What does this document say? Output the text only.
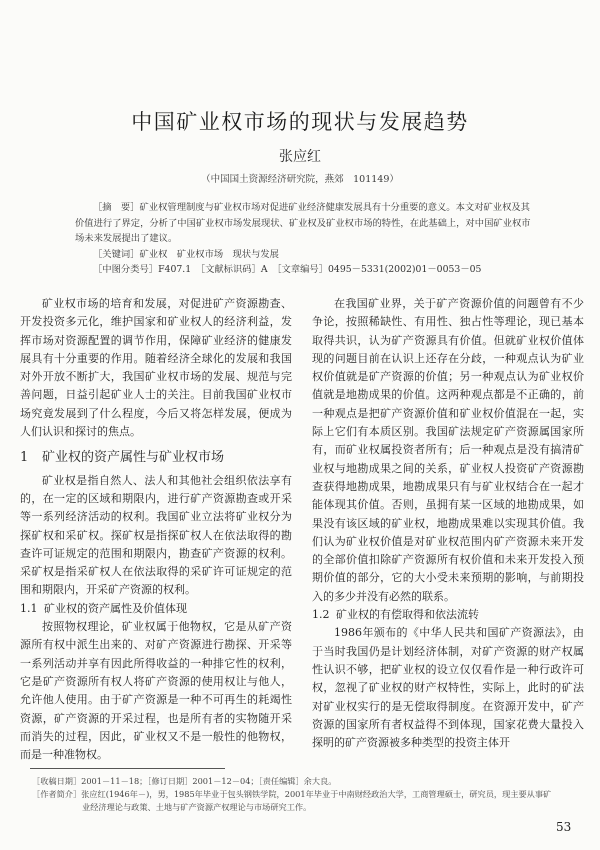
中国矿业权市场的现状与发展趋势
张应红
（中国国土资源经济研究院，燕郊　101149）

［摘　要］矿业权管理制度与矿业权市场对促进矿业经济健康发展具有十分重要的意义。本文对矿业权及其价值进行了界定，分析了中国矿业权市场发展现状、矿业权及矿业权市场的特性，在此基础上，对中国矿业权市场未来发展提出了建议。

［关键词］矿业权　矿业权市场　现状与发展

［中图分类号］F407.1　［文献标识码］A　［文章编号］0495－5331(2002)01－0053－05

矿业权市场的培育和发展，对促进矿产资源勘查、开发投资多元化，维护国家和矿业权人的经济利益，发挥市场对资源配置的调节作用，保障矿业经济的健康发展具有十分重要的作用。随着经济全球化的发展和我国对外开放不断扩大，我国矿业权市场的发展、规范与完善问题，日益引起矿业人士的关注。目前我国矿业权市场究竟发展到了什么程度，今后又将怎样发展，便成为人们认识和探讨的焦点。

1 矿业权的资产属性与矿业权市场

矿业权是指自然人、法人和其他社会组织依法享有的，在一定的区域和期限内，进行矿产资源勘查或开采等一系列经济活动的权利。我国矿业立法将矿业权分为探矿权和采矿权。探矿权是指探矿权人在依法取得的勘查许可证规定的范围和期限内，勘查矿产资源的权利。采矿权是指采矿权人在依法取得的采矿许可证规定的范围和期限内，开采矿产资源的权利。

1.1 矿业权的资产属性及价值体现

按照物权理论，矿业权属于他物权，它是从矿产资源所有权中派生出来的、对矿产资源进行勘探、开采等一系列活动并享有因此所得收益的一种排它性的权利，它是矿产资源所有权人将矿产资源的使用权让与他人，允许他人使用。由于矿产资源是一种不可再生的耗竭性资源，矿产资源的开采过程，也是所有者的实物随开采而消失的过程，因此，矿业权又不是一般性的他物权，而是一种准物权。

在我国矿业界，关于矿产资源价值的问题曾有不少争论，按照稀缺性、有用性、独占性等理论，现已基本取得共识，认为矿产资源具有价值。但就矿业权价值体现的问题目前在认识上还存在分歧，一种观点认为矿业权价值就是矿产资源的价值；另一种观点认为矿业权价值就是地勘成果的价值。这两种观点都是不正确的，前一种观点是把矿产资源价值和矿业权价值混在一起，实际上它们有本质区别。我国矿法规定矿产资源属国家所有，而矿业权属投资者所有；后一种观点是没有搞清矿业权与地勘成果之间的关系，矿业权人投资矿产资源勘查获得地勘成果，地勘成果只有与矿业权结合在一起才能体现其价值。否则，虽拥有某一区域的地勘成果，如果没有该区域的矿业权，地勘成果难以实现其价值。我们认为矿业权价值是对矿业权范围内矿产资源未来开发的全部价值扣除矿产资源所有权价值和未来开发投入预期价值的部分，它的大小受未来预期的影响，与前期投入的多少并没有必然的联系。

1.2 矿业权的有偿取得和依法流转

1986年颁布的《中华人民共和国矿产资源法》，由于当时我国仍是计划经济体制，对矿产资源的财产权属性认识不够，把矿业权的设立仅仅看作是一种行政许可权，忽视了矿业权的财产权特性，实际上，此时的矿法对矿业权实行的是无偿取得制度。在资源开发中，矿产资源的国家所有者权益得不到体现，国家花费大量投入探明的矿产资源被多种类型的投资主体开

［收稿日期］2001－11－18；［修订日期］2001－12－04；［责任编辑］余大良。

［作者简介］张应红(1946年－)，男，1985年毕业于包头钢铁学院，2001年毕业于中南财经政治大学，工商管理硕士，研究员，现主要从事矿

业经济理论与政策、土地与矿产资源产权理论与市场研究工作。

53
